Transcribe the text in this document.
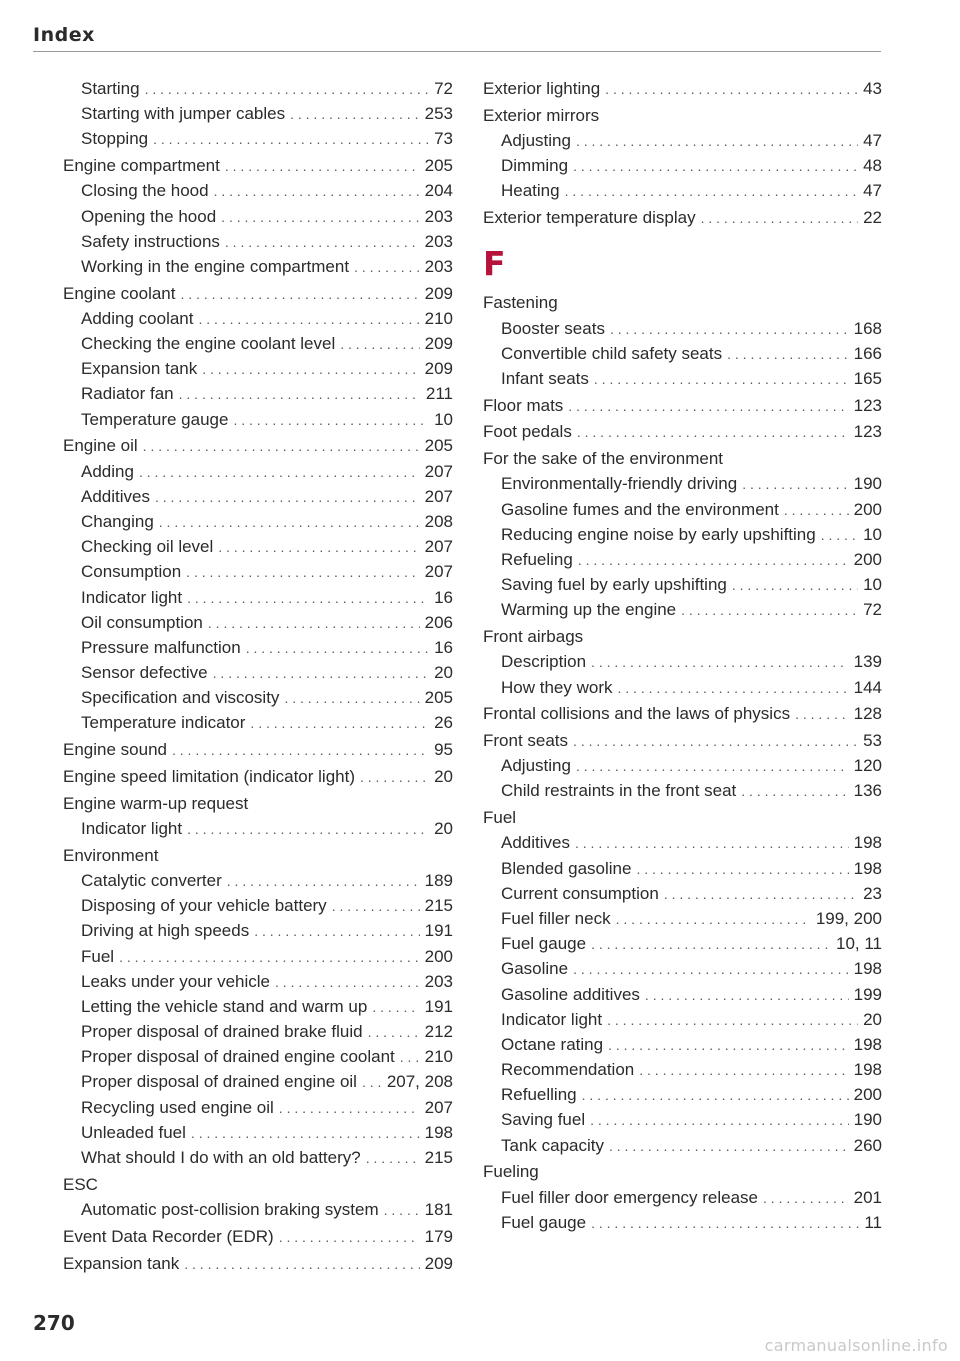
Index
Starting . . .	72
Starting with jumper cables . . .	253
Stopping . . .	73
Engine compartment . . .	205
Closing the hood . . .	204
Opening the hood . . .	203
Safety instructions . . .	203
Working in the engine compartment . . .	203
Engine coolant . . .	209
Adding coolant . . .	210
Checking the engine coolant level . . .	209
Expansion tank . . .	209
Radiator fan . . .	211
Temperature gauge . . .	10
Engine oil . . .	205
Adding . . .	207
Additives . . .	207
Changing . . .	208
Checking oil level . . .	207
Consumption . . .	207
Indicator light . . .	16
Oil consumption . . .	206
Pressure malfunction . . .	16
Sensor defective . . .	20
Specification and viscosity . . .	205
Temperature indicator . . .	26
Engine sound . . .	95
Engine speed limitation (indicator light) . . .	20
Engine warm-up request
Indicator light . . .	20
Environment
Catalytic converter . . .	189
Disposing of your vehicle battery . . .	215
Driving at high speeds . . .	191
Fuel . . .	200
Leaks under your vehicle . . .	203
Letting the vehicle stand and warm up . . .	191
Proper disposal of drained brake fluid . . .	212
Proper disposal of drained engine coolant . . . 210
Proper disposal of drained engine oil . . . 207, 208
Recycling used engine oil . . .	207
Unleaded fuel . . .	198
What should I do with an old battery? . . .	215
ESC
Automatic post-collision braking system . . .	181
Event Data Recorder (EDR) . . .	179
Expansion tank . . .	209
Exterior lighting . . .	43
Exterior mirrors
Adjusting . . .	47
Dimming . . .	48
Heating . . .	47
Exterior temperature display . . .	22
F
Fastening
Booster seats . . .	168
Convertible child safety seats . . .	166
Infant seats . . .	165
Floor mats . . .	123
Foot pedals . . .	123
For the sake of the environment
Environmentally-friendly driving . . .	190
Gasoline fumes and the environment . . .	200
Reducing engine noise by early upshifting . . .	10
Refueling . . .	200
Saving fuel by early upshifting . . .	10
Warming up the engine . . .	72
Front airbags
Description . . .	139
How they work . . .	144
Frontal collisions and the laws of physics . . .	128
Front seats . . .	53
Adjusting . . .	120
Child restraints in the front seat . . .	136
Fuel
Additives . . .	198
Blended gasoline . . .	198
Current consumption . . .	23
Fuel filler neck . . .	199, 200
Fuel gauge . . .	10, 11
Gasoline . . .	198
Gasoline additives . . .	199
Indicator light . . .	20
Octane rating . . .	198
Recommendation . . .	198
Refuelling . . .	200
Saving fuel . . .	190
Tank capacity . . .	260
Fueling
Fuel filler door emergency release . . .	201
Fuel gauge . . .	11
270
carmanualsonline.info
